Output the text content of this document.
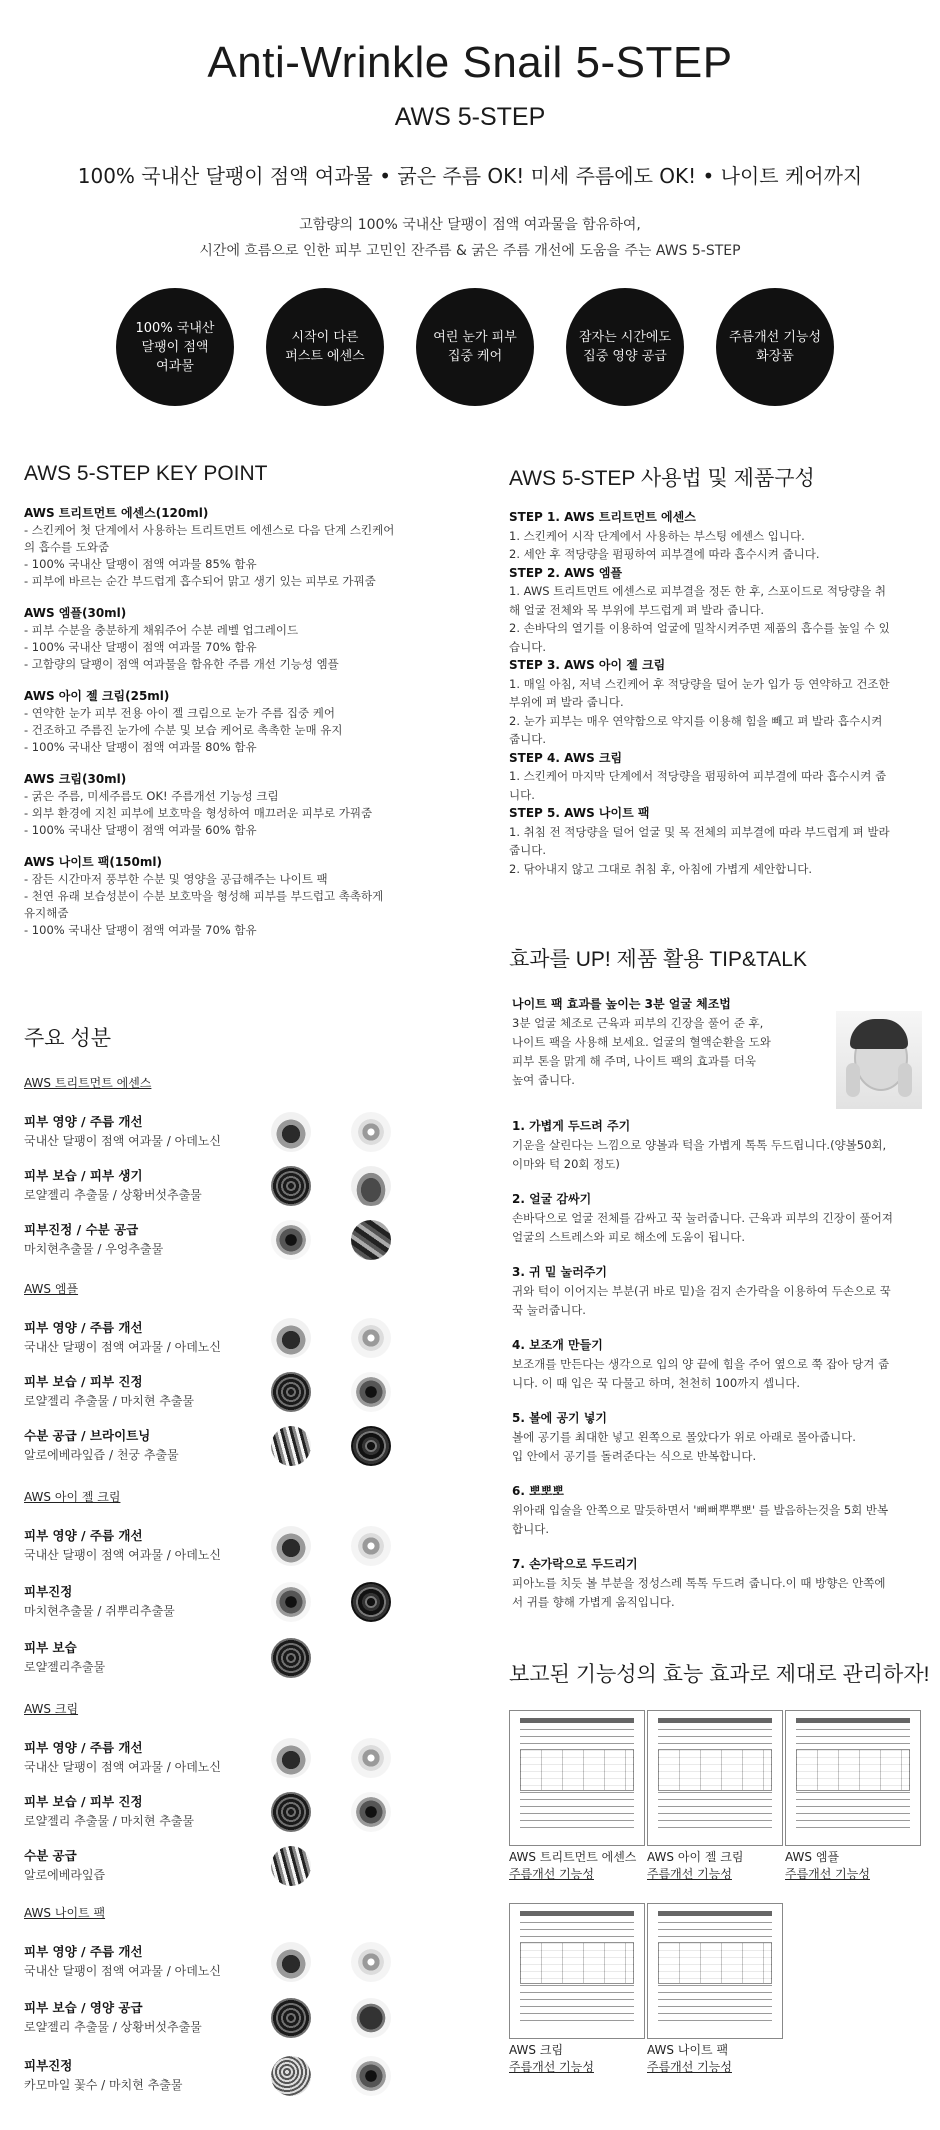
Anti-Wrinkle Snail 5-STEP
AWS 5-STEP
100% 국내산 달팽이 점액 여과물 • 굵은 주름 OK! 미세 주름에도 OK! • 나이트 케어까지
고함량의 100% 국내산 달팽이 점액 여과물을 함유하여,
시간에 흐름으로 인한 피부 고민인 잔주름 & 굵은 주름 개선에 도움을 주는 AWS 5-STEP
100% 국내산
달팽이 점액
여과물
시작이 다른
퍼스트 에센스
여린 눈가 피부
집중 케어
잠자는 시간에도
집중 영양 공급
주름개선 기능성
화장품
AWS 5-STEP KEY POINT

AWS 트리트먼트 에센스(120ml)

- 스킨케어 첫 단계에서 사용하는 트리트먼트 에센스로 다음 단계 스킨케어

의 흡수를 도와줌

- 100% 국내산 달팽이 점액 여과물 85% 함유

- 피부에 바르는 순간 부드럽게 흡수되어 맑고 생기 있는 피부로 가꿔줌

AWS 엠플(30ml)

- 피부 수분을 충분하게 채워주어 수분 레벨 업그레이드

- 100% 국내산 달팽이 점액 여과물 70% 함유

- 고함량의 달팽이 점액 여과물을 함유한 주름 개선 기능성 엠플

AWS 아이 젤 크림(25ml)

- 연약한 눈가 피부 전용 아이 젤 크림으로 눈가 주름 집중 케어

- 건조하고 주름진 눈가에 수분 및 보습 케어로 촉촉한 눈매 유지

- 100% 국내산 달팽이 점액 여과물 80% 함유

AWS 크림(30ml)

- 굵은 주름, 미세주름도 OK! 주름개선 기능성 크림

- 외부 환경에 지친 피부에 보호막을 형성하여 매끄러운 피부로 가꿔줌

- 100% 국내산 달팽이 점액 여과물 60% 함유

AWS 나이트 팩(150ml)

- 잠든 시간마저 풍부한 수분 및 영양을 공급해주는 나이트 팩

- 천연 유래 보습성분이 수분 보호막을 형성해 피부를 부드럽고 촉촉하게

유지해줌

- 100% 국내산 달팽이 점액 여과물 70% 함유

주요 성분
AWS 트리트먼트 에센스
피부 영양 / 주름 개선
국내산 달팽이 점액 여과물 / 아데노신
피부 보습 / 피부 생기
로얄젤리 추출물 / 상황버섯추출물
피부진정 / 수분 공급
마치현추출물 / 우엉추출물
AWS 엠플
피부 영양 / 주름 개선
국내산 달팽이 점액 여과물 / 아데노신
피부 보습 / 피부 진정
로얄젤리 추출물 / 마치현 추출물
수분 공급 / 브라이트닝
알로에베라잎즙 / 천궁 추출물
AWS 아이 젤 크림
피부 영양 / 주름 개선
국내산 달팽이 점액 여과물 / 아데노신
피부진정
마치현추출물 / 쥐뿌리추출물
피부 보습
로얄젤리추출물
AWS 크림
피부 영양 / 주름 개선
국내산 달팽이 점액 여과물 / 아데노신
피부 보습 / 피부 진정
로얄젤리 추출물 / 마치현 추출물
수분 공급
알로에베라잎즙
AWS 나이트 팩
피부 영양 / 주름 개선
국내산 달팽이 점액 여과물 / 아데노신
피부 보습 / 영양 공급
로얄젤리 추출물 / 상황버섯추출물
피부진정
카모마일 꽃수 / 마치현 추출물
AWS 5-STEP 사용법 및 제품구성

STEP 1. AWS 트리트먼트 에센스

1. 스킨케어 시작 단계에서 사용하는 부스팅 에센스 입니다.

2. 세안 후 적당량을 펌핑하여 피부결에 따라 흡수시켜 줍니다.

STEP 2. AWS 엠플

1. AWS 트리트먼트 에센스로 피부결을 정돈 한 후, 스포이드로 적당량을 취

해 얼굴 전체와 목 부위에 부드럽게 펴 발라 줍니다.

2. 손바닥의 열기를 이용하여 얼굴에 밀착시켜주면 제품의 흡수를 높일 수 있

습니다.

STEP 3. AWS 아이 젤 크림

1. 매일 아침, 저녁 스킨케어 후 적당량을 덜어 눈가 입가 등 연약하고 건조한

부위에 펴 발라 줍니다.

2. 눈가 피부는 매우 연약함으로 약지를 이용해 힘을 빼고 펴 발라 흡수시켜

줍니다.

STEP 4. AWS 크림

1. 스킨케어 마지막 단계에서 적당량을 펌핑하여 피부결에 따라 흡수시켜 줍

니다.

STEP 5. AWS 나이트 팩

1. 취침 전 적당량을 덜어 얼굴 및 목 전체의 피부결에 따라 부드럽게 펴 발라

줍니다.

2. 닦아내지 않고 그대로 취침 후, 아침에 가볍게 세안합니다.

효과를 UP! 제품 활용 TIP&TALK

나이트 팩 효과를 높이는 3분 얼굴 체조법

3분 얼굴 체조로 근육과 피부의 긴장을 풀어 준 후,

나이트 팩을 사용해 보세요. 얼굴의 혈액순환을 도와

피부 톤을 맑게 해 주며, 나이트 팩의 효과를 더욱

높여 줍니다.

1. 가볍게 두드려 주기

기운을 살린다는 느낌으로 양볼과 턱을 가볍게 톡톡 두드립니다.(양볼50회,

이마와 턱 20회 정도)

2. 얼굴 감싸기

손바닥으로 얼굴 전체를 감싸고 꾹 눌러줍니다. 근육과 피부의 긴장이 풀어져

얼굴의 스트레스와 피로 해소에 도움이 됩니다.

3. 귀 밑 눌러주기

귀와 턱이 이어지는 부분(귀 바로 밑)을 검지 손가락을 이용하여 두손으로 꾹

꾹 눌러줍니다.

4. 보조개 만들기

보조개를 만든다는 생각으로 입의 양 끝에 힘을 주어 옆으로 쭉 잡아 당겨 줍

니다. 이 때 입은 꾹 다물고 하며, 천천히 100까지 셉니다.

5. 볼에 공기 넣기

볼에 공기를 최대한 넣고 왼쪽으로 몰았다가 위로 아래로 몰아줍니다.

입 안에서 공기를 돌려준다는 식으로 반복합니다.

6. 뽀뽀뽀

위아래 입술을 안쪽으로 말듯하면서 '뻐뻐뿌뿌뽀' 를 발음하는것을 5회 반복

합니다.

7. 손가락으로 두드리기

피아노를 치듯 볼 부분을 정성스레 톡톡 두드려 줍니다.이 때 방향은 안쪽에

서 귀를 향해 가볍게 움직입니다.

보고된 기능성의 효능 효과로 제대로 관리하자!
AWS 트리트먼트 에센스
주름개선 기능성
AWS 아이 젤 크림
주름개선 기능성
AWS 엠플
주름개선 기능성
AWS 크림
주름개선 기능성
AWS 나이트 팩
주름개선 기능성
